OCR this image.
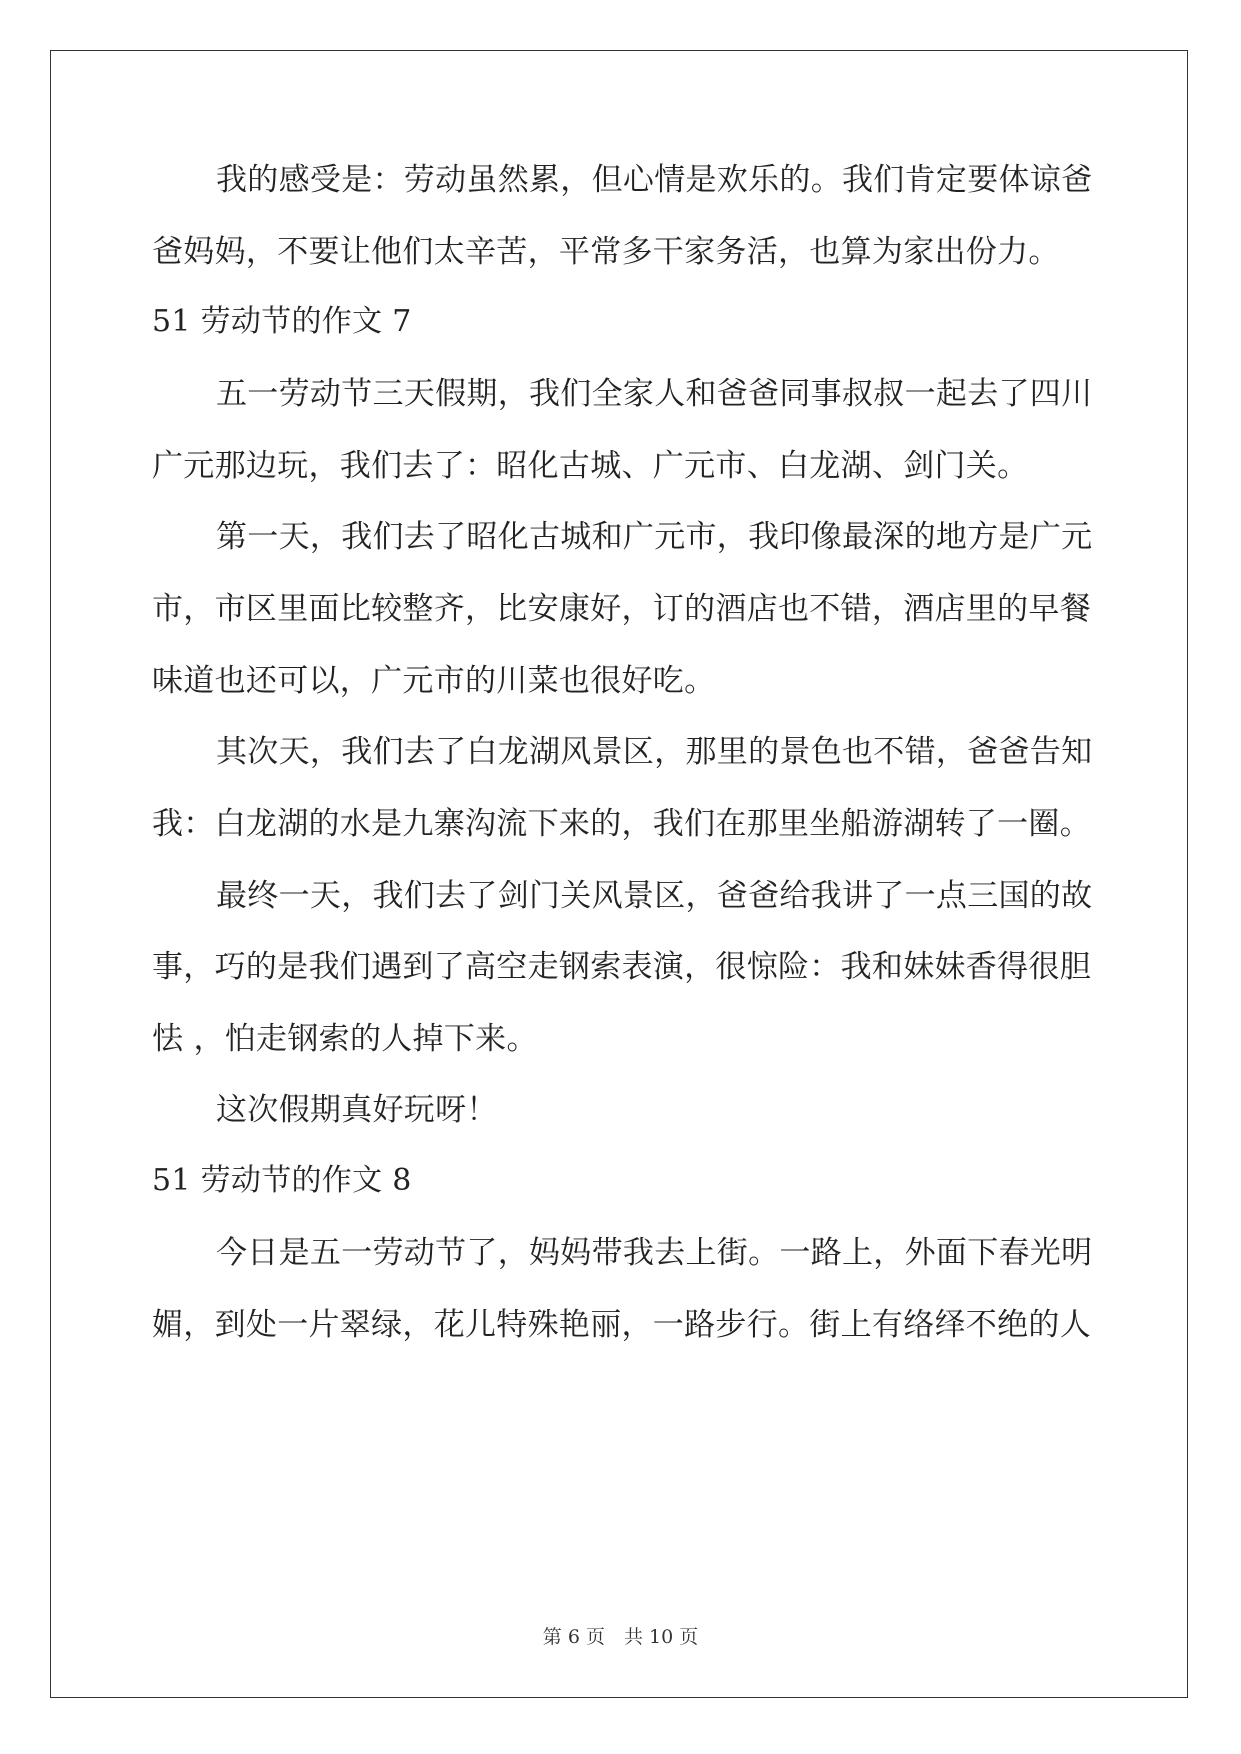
我的感受是：劳动虽然累，但心情是欢乐的。我们肯定要体谅爸
爸妈妈，不要让他们太辛苦，平常多干家务活，也算为家出份力。
51 劳动节的作文 7
五一劳动节三天假期，我们全家人和爸爸同事叔叔一起去了四川
广元那边玩，我们去了：昭化古城、广元市、白龙湖、剑门关。
第一天，我们去了昭化古城和广元市，我印像最深的地方是广元
市，市区里面比较整齐，比安康好，订的酒店也不错，酒店里的早餐
味道也还可以，广元市的川菜也很好吃。
其次天，我们去了白龙湖风景区，那里的景色也不错，爸爸告知
我：白龙湖的水是九寨沟流下来的，我们在那里坐船游湖转了一圈。
最终一天，我们去了剑门关风景区，爸爸给我讲了一点三国的故
事，巧的是我们遇到了高空走钢索表演，很惊险：我和妹妹香得很胆
怯 ，怕走钢索的人掉下来。
这次假期真好玩呀！
51 劳动节的作文 8
今日是五一劳动节了，妈妈带我去上街。一路上，外面下春光明
媚，到处一片翠绿，花儿特殊艳丽，一路步行。街上有络绎不绝的人
第 6 页　共 10 页
